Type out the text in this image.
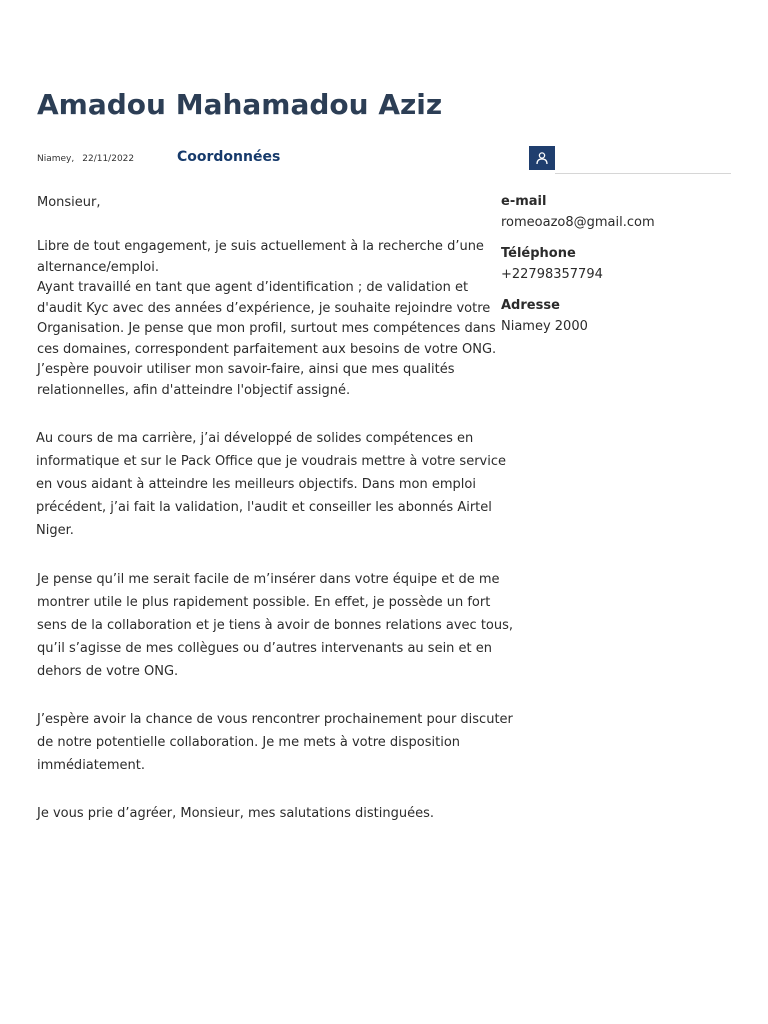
Amadou Mahamadou Aziz
Niamey, 22/11/2022	Coordonnées
e-mail
romeoazo8@gmail.com
Téléphone
+22798357794
Adresse
Niamey 2000

Monsieur,

Libre de tout engagement, je suis actuellement à la recherche d’une
alternance/emploi.
Ayant travaillé en tant que agent d’identification ; de validation et
d'audit Kyc avec des années d’expérience, je souhaite rejoindre votre
Organisation. Je pense que mon profil, surtout mes compétences dans
ces domaines, correspondent parfaitement aux besoins de votre ONG.
J’espère pouvoir utiliser mon savoir-faire, ainsi que mes qualités
relationnelles, afin d'atteindre l'objectif assigné.

Au cours de ma carrière, j’ai développé de solides compétences en informatique et sur le Pack Office que je voudrais mettre à votre service en vous aidant à atteindre les meilleurs objectifs. Dans mon emploi précédent, j’ai fait la validation, l'audit et conseiller les abonnés Airtel Niger.

Je pense qu’il me serait facile de m’insérer dans votre équipe et de me montrer utile le plus rapidement possible. En effet, je possède un fort sens de la collaboration et je tiens à avoir de bonnes relations avec tous, qu’il s’agisse de mes collègues ou d’autres intervenants au sein et en dehors de votre ONG.

J’espère avoir la chance de vous rencontrer prochainement pour discuter de notre potentielle collaboration. Je me mets à votre disposition immédiatement.

Je vous prie d’agréer, Monsieur, mes salutations distinguées.
